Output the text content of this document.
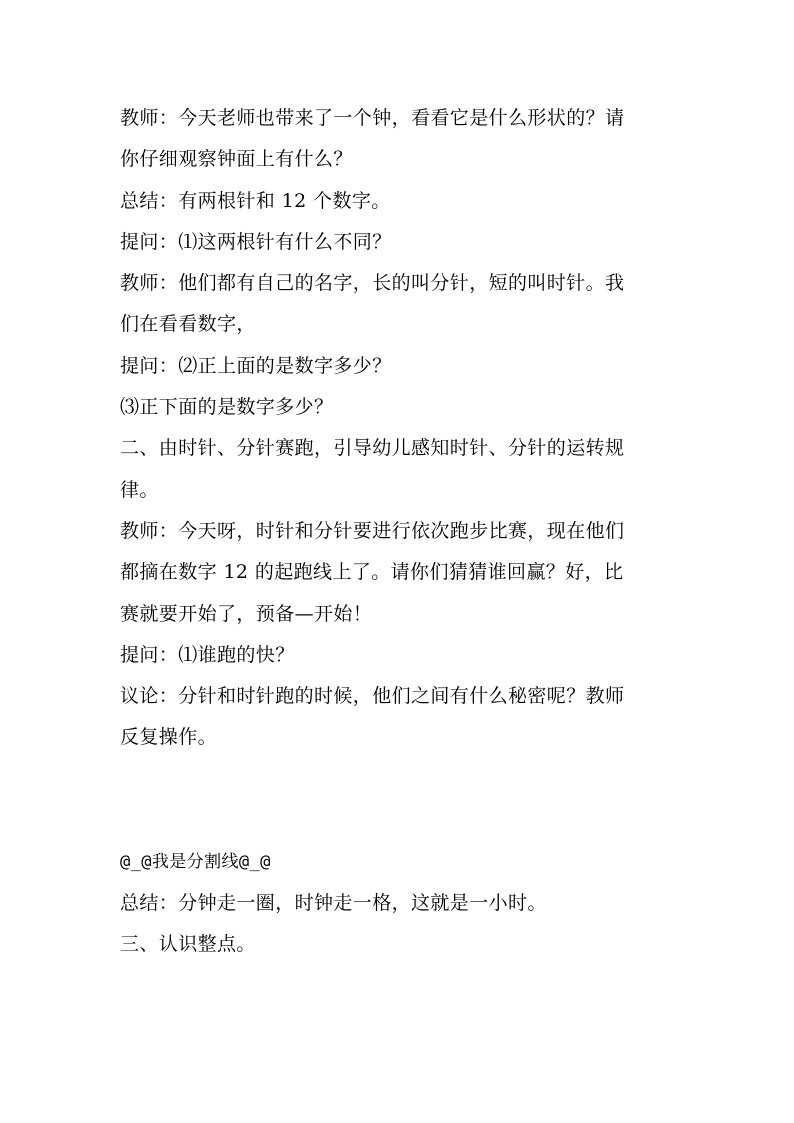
教师：今天老师也带来了一个钟，看看它是什么形状的？请
你仔细观察钟面上有什么？
总结：有两根针和 12 个数字。
提问：⑴这两根针有什么不同？
教师：他们都有自己的名字，长的叫分针，短的叫时针。我
们在看看数字，
提问：⑵正上面的是数字多少？
⑶正下面的是数字多少？
二、由时针、分针赛跑，引导幼儿感知时针、分针的运转规
律。
教师：今天呀，时针和分针要进行依次跑步比赛，现在他们
都摘在数字 12 的起跑线上了。请你们猜猜谁回赢？好，比
赛就要开始了，预备—开始！
提问：⑴谁跑的快？
议论：分针和时针跑的时候，他们之间有什么秘密呢？教师
反复操作。
@_@我是分割线@_@
总结：分钟走一圈，时钟走一格，这就是一小时。
三、认识整点。
